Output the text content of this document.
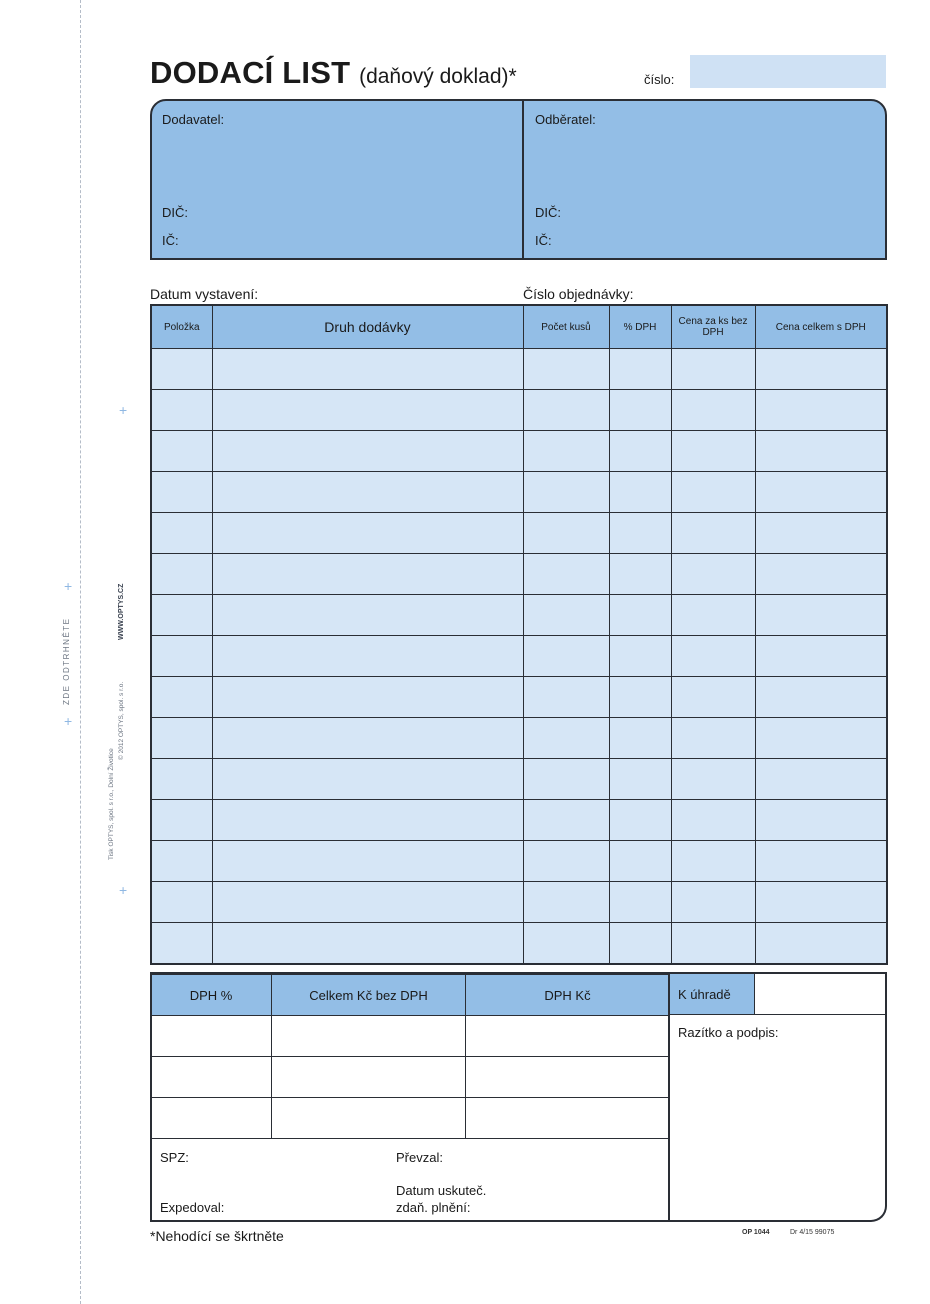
+
+
ZDE ODTRHNĚTE
+
+
Tisk OPTYS, spol. s r.o., Dolní Životice
© 2012 OPTYS, spol. s r.o.
WWW.OPTYS.CZ
DODACÍ LIST (daňový doklad)*	číslo:
Dodavatel:	Odběratel:
DIČ:
IČ:
DIČ:
IČ:
Datum vystavení:	Číslo objednávky:
Položka	Druh dodávky	Počet kusů	% DPH	Cena za ks bez DPH	Cena celkem s DPH

DPH %	Celkem Kč bez DPH	DPH Kč

			K úhradě
Razítko a podpis:
SPZ:	Převzal:
Expedoval:
Datum uskuteč.
zdaň. plnění:
*Nehodící se škrtněte	OP 1044	Dr 4/15 99075
